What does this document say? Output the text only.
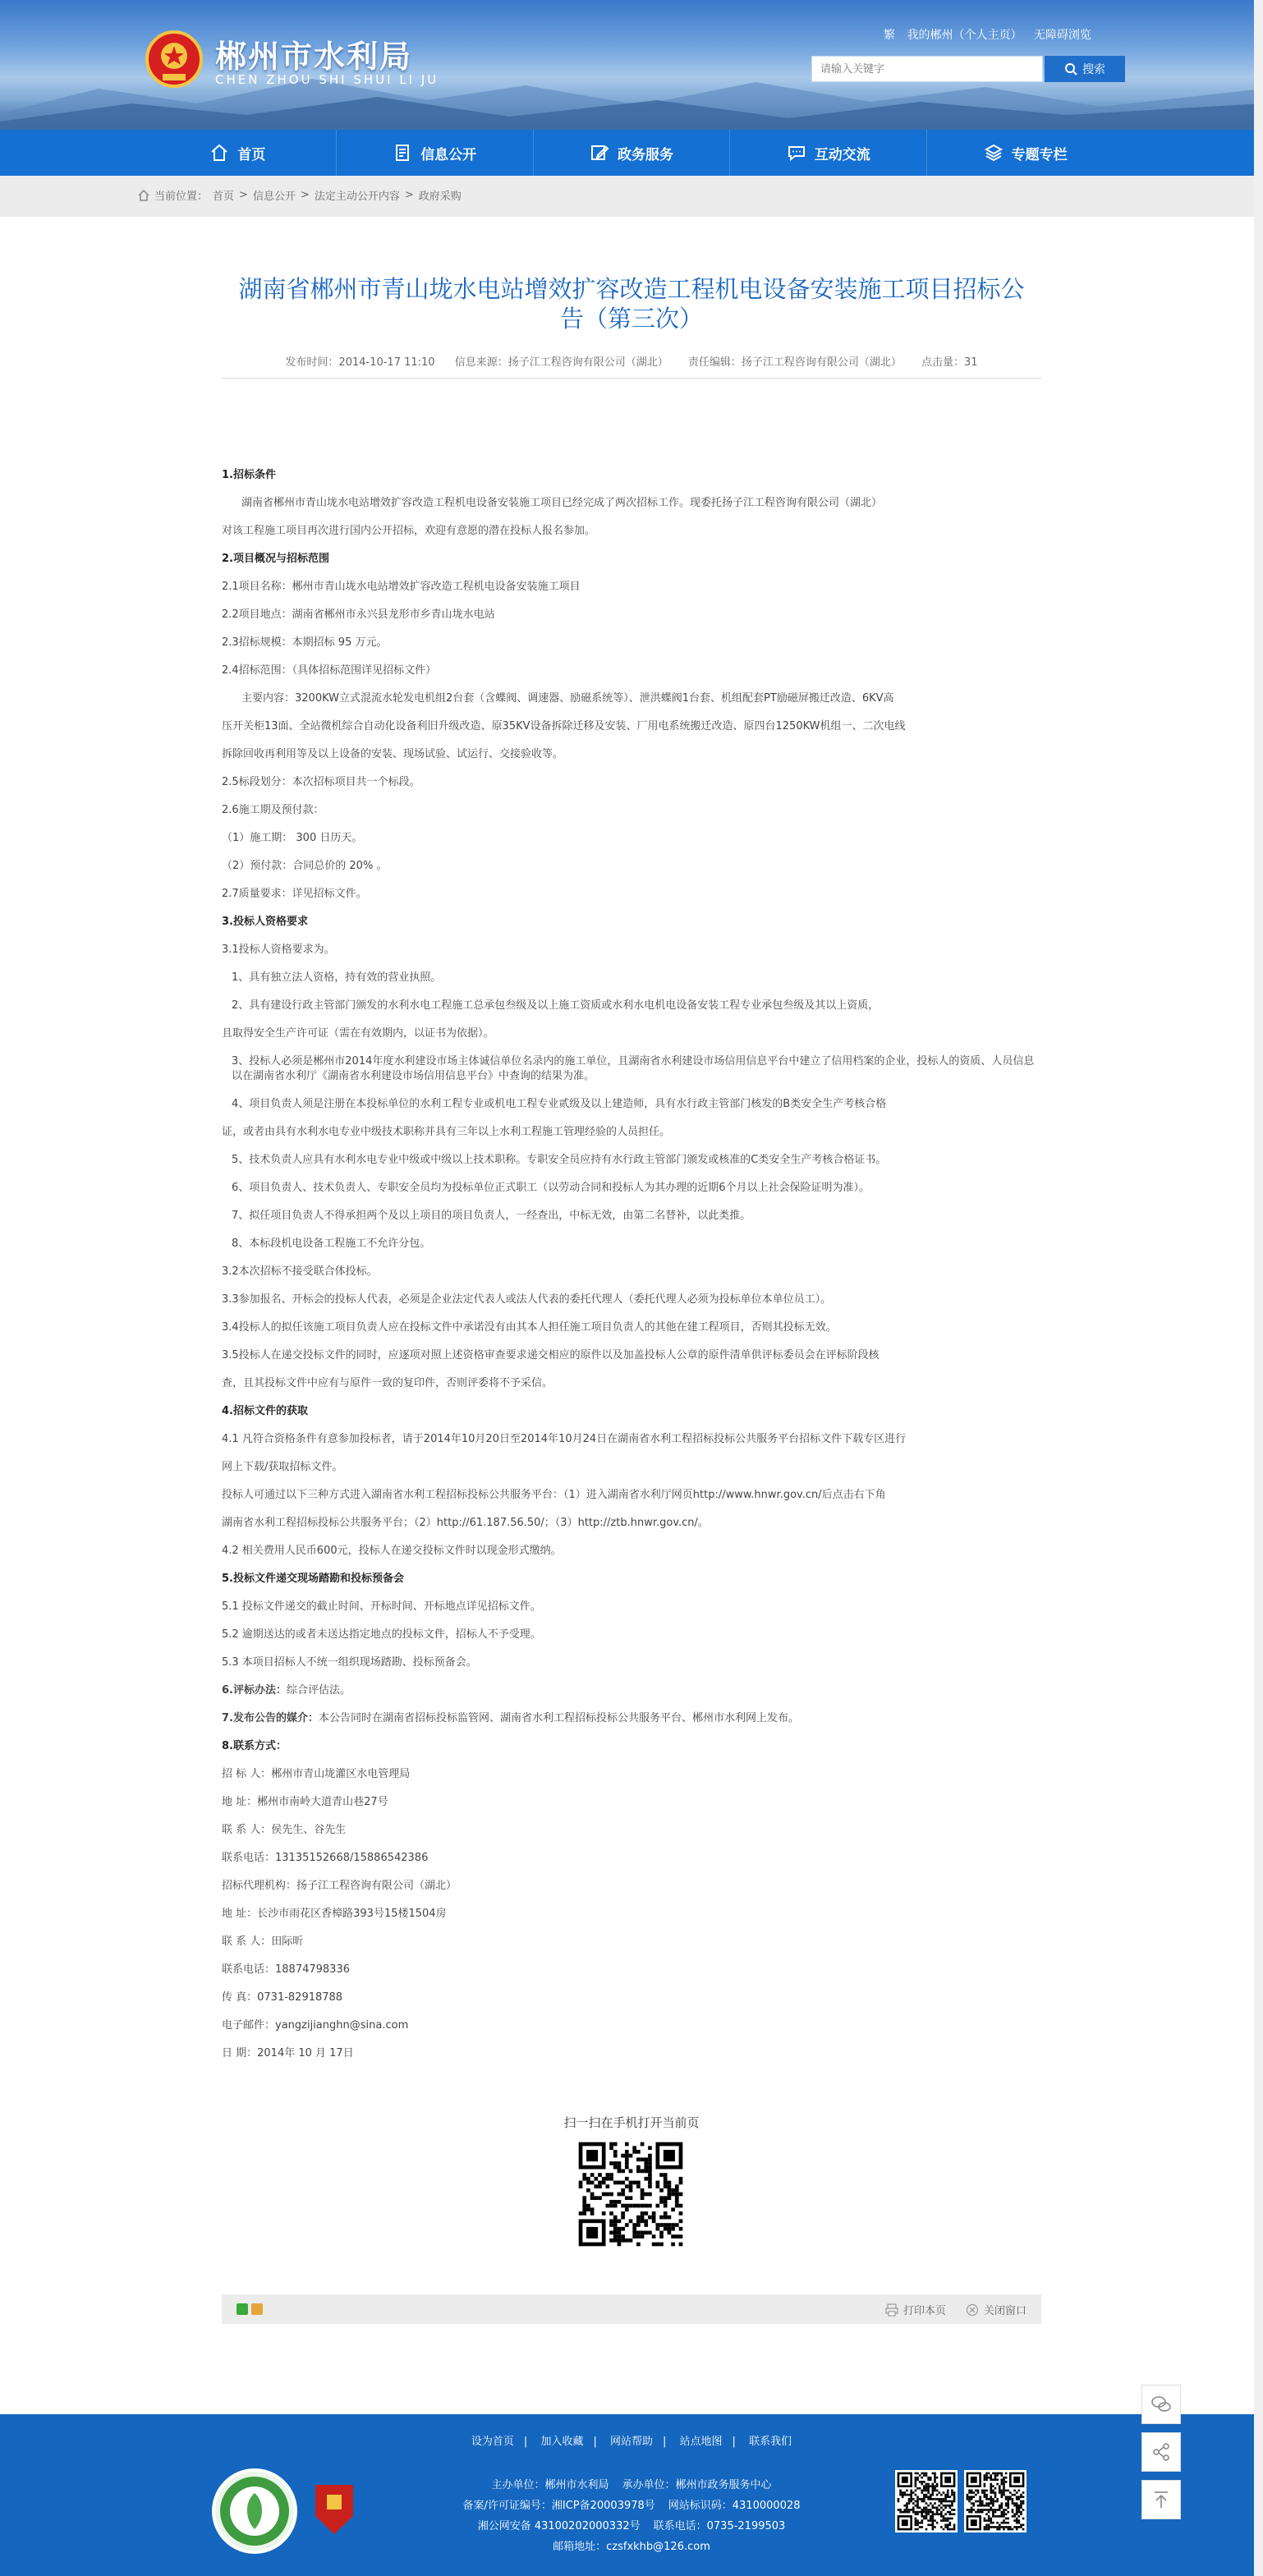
郴州市水利局
CHEN ZHOU SHI SHUI LI JU
繁 我的郴州（个人主页） 无障碍浏览
请输入关键字
搜索
首页	信息公开	政务服务	互动交流	专题专栏
当前位置： 首页 > 信息公开 > 法定主动公开内容 > 政府采购
湖南省郴州市青山垅水电站增效扩容改造工程机电设备安装施工项目招标公
告（第三次）
发布时间：2014-10-17 11:10 信息来源：扬子江工程咨询有限公司（湖北） 责任编辑：扬子江工程咨询有限公司（湖北） 点击量：31
1.招标条件
湖南省郴州市青山垅水电站增效扩容改造工程机电设备安装施工项目已经完成了两次招标工作。现委托扬子江工程咨询有限公司（湖北）
对该工程施工项目再次进行国内公开招标，欢迎有意愿的潜在投标人报名参加。
2.项目概况与招标范围
2.1项目名称：郴州市青山垅水电站增效扩容改造工程机电设备安装施工项目
2.2项目地点：湖南省郴州市永兴县龙形市乡青山垅水电站
2.3招标规模：本期招标 95 万元。
2.4招标范围：（具体招标范围详见招标文件）
主要内容：3200KW立式混流水轮发电机组2台套（含蝶阀、调速器、励磁系统等）、泄洪蝶阀1台套、机组配套PT励磁屏搬迁改造、6KV高
压开关柜13面、全站微机综合自动化设备利旧升级改造、原35KV设备拆除迁移及安装、厂用电系统搬迁改造、原四台1250KW机组一、二次电线
拆除回收再利用等及以上设备的安装、现场试验、试运行、交接验收等。
2.5标段划分：本次招标项目共一个标段。
2.6施工期及预付款：
（1）施工期： 300 日历天。
（2）预付款：合同总价的 20% 。
2.7质量要求：详见招标文件。
3.投标人资格要求
3.1投标人资格要求为。
1、具有独立法人资格，持有效的营业执照。
2、具有建设行政主管部门颁发的水利水电工程施工总承包叁级及以上施工资质或水利水电机电设备安装工程专业承包叁级及其以上资质，
且取得安全生产许可证（需在有效期内，以证书为依据）。
3、投标人必须是郴州市2014年度水利建设市场主体诚信单位名录内的施工单位，且湖南省水利建设市场信用信息平台中建立了信用档案的企业，投标人的资质、人员信息以在湖南省水利厅《湖南省水利建设市场信用信息平台》中查询的结果为准。
4、项目负责人须是注册在本投标单位的水利工程专业或机电工程专业贰级及以上建造师，具有水行政主管部门核发的B类安全生产考核合格
证，或者由具有水利水电专业中级技术职称并具有三年以上水利工程施工管理经验的人员担任。
5、技术负责人应具有水利水电专业中级或中级以上技术职称。专职安全员应持有水行政主管部门颁发或核准的C类安全生产考核合格证书。
6、项目负责人、技术负责人、专职安全员均为投标单位正式职工（以劳动合同和投标人为其办理的近期6个月以上社会保险证明为准）。
7、拟任项目负责人不得承担两个及以上项目的项目负责人，一经查出，中标无效，由第二名替补，以此类推。
8、本标段机电设备工程施工不允许分包。
3.2本次招标不接受联合体投标。
3.3参加报名、开标会的投标人代表，必须是企业法定代表人或法人代表的委托代理人（委托代理人必须为投标单位本单位员工）。
3.4投标人的拟任该施工项目负责人应在投标文件中承诺没有由其本人担任施工项目负责人的其他在建工程项目，否则其投标无效。
3.5投标人在递交投标文件的同时，应逐项对照上述资格审查要求递交相应的原件以及加盖投标人公章的原件清单供评标委员会在评标阶段核
查，且其投标文件中应有与原件一致的复印件，否则评委将不予采信。
4.招标文件的获取
4.1 凡符合资格条件有意参加投标者，请于2014年10月20日至2014年10月24日在湖南省水利工程招标投标公共服务平台招标文件下载专区进行
网上下载/获取招标文件。
投标人可通过以下三种方式进入湖南省水利工程招标投标公共服务平台：（1）进入湖南省水利厅网页http://www.hnwr.gov.cn/后点击右下角
湖南省水利工程招标投标公共服务平台；（2）http://61.187.56.50/；（3）http://ztb.hnwr.gov.cn/。
4.2 相关费用人民币600元，投标人在递交投标文件时以现金形式缴纳。
5.投标文件递交现场踏勘和投标预备会
5.1 投标文件递交的截止时间、开标时间、开标地点详见招标文件。
5.2 逾期送达的或者未送达指定地点的投标文件，招标人不予受理。
5.3 本项目招标人不统一组织现场踏勘、投标预备会。
6.评标办法：综合评估法。
7.发布公告的媒介：本公告同时在湖南省招标投标监管网、湖南省水利工程招标投标公共服务平台、郴州市水利网上发布。
8.联系方式：
招 标 人：郴州市青山垅灌区水电管理局
地 址：郴州市南岭大道青山巷27号
联 系 人：侯先生、谷先生
联系电话：13135152668/15886542386
招标代理机构：扬子江工程咨询有限公司（湖北）
地 址：长沙市雨花区香樟路393号15楼1504房
联 系 人：田际昕
联系电话：18874798336
传 真：0731-82918788
电子邮件：yangzijianghn@sina.com
日 期：2014年 10 月 17日
扫一扫在手机打开当前页
打印本页	关闭窗口
设为首页 | 加入收藏 | 网站帮助 | 站点地图 | 联系我们
主办单位：郴州市水利局 承办单位：郴州市政务服务中心
备案/许可证编号：湘ICP备20003978号 网站标识码：4310000028
湘公网安备 43100202000332号 联系电话：0735-2199503
邮箱地址：czsfxkhb@126.com
